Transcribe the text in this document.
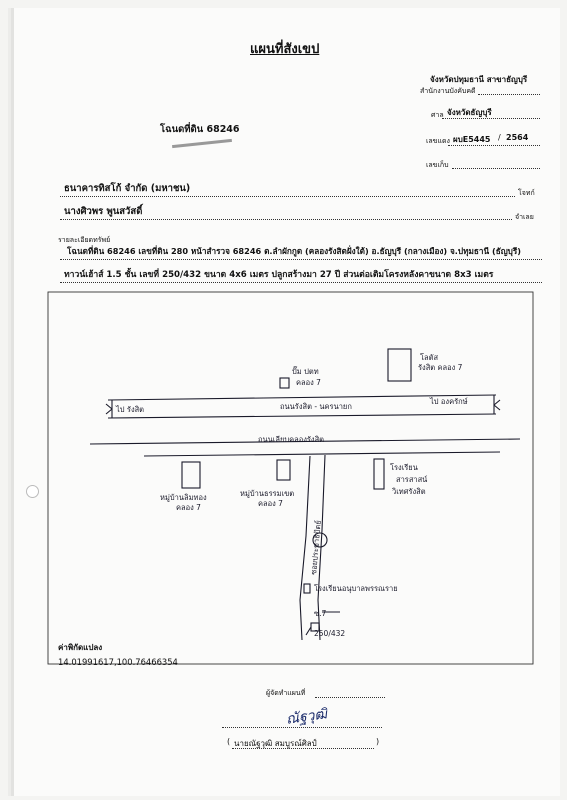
แผนที่สังเขป
จังหวัดปทุมธานี สาขาธัญบุรี
สำนักงานบังคับคดี
ศาล จังหวัดธัญบุรี
เลขแดง ผบE5445 / 2564
เลขเก็บ
โฉนดที่ดิน 68246
ธนาคารทิสโก้ จำกัด (มหาชน)	โจทก์
นางศิวพร พูนสวัสดิ์	จำเลย
รายละเอียดทรัพย์
โฉนดที่ดิน 68246 เลขที่ดิน 280 หน้าสำรวจ 68246 ต.ลำผักกูด (คลองรังสิตฝั่งใต้) อ.ธัญบุรี (กลางเมือง) จ.ปทุมธานี (ธัญบุรี)
ทาวน์เฮ้าส์ 1.5 ชั้น เลขที่ 250/432 ขนาด 4x6 เมตร ปลูกสร้างมา 27 ปี ส่วนต่อเติมโครงหลังคาขนาด 8x3 เมตร
โลตัส
รังสิต คลอง 7
ปั๊ม ปตท
คลอง 7
ไป รังสิต
ไป องครักษ์
ถนนรังสิต - นครนายก
ถนนเลียบคลองรังสิต
หมู่บ้านลิมทอง
คลอง 7
หมู่บ้านธรรมเขต
คลอง 7
โรงเรียน
สารสาสน์
วิเทศรังสิต
ซอยประชาธิปัตย์
โรงเรียนอนุบาลพรรณราย
ซ.7
250/432
ค่าพิกัดแปลง
14.01991617,100.76466354
ผู้จัดทำแผนที่
ณัฐวุฒิ
( นายณัฐวุฒิ สมบูรณ์ศิลป์	)
